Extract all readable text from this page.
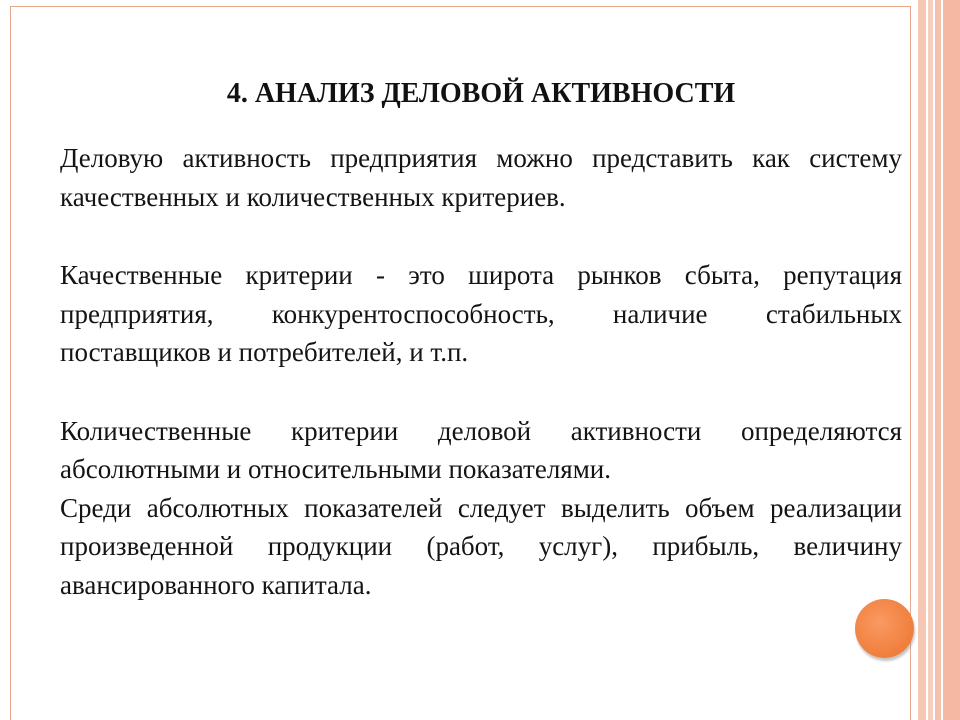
4. АНАЛИЗ ДЕЛОВОЙ АКТИВНОСТИ

Деловую активность предприятия можно представить как систему качественных и количественных критериев.

Качественные критерии - это широта рынков сбыта, репутация предприятия, конкурентоспособность, наличие стабильных поставщиков и потребителей, и т.п.

Количественные критерии деловой активности определяются абсолютными и относительными показателями.

Среди абсолютных показателей следует выделить объем реализации произведенной продукции (работ, услуг), прибыль, величину авансированного капитала.
